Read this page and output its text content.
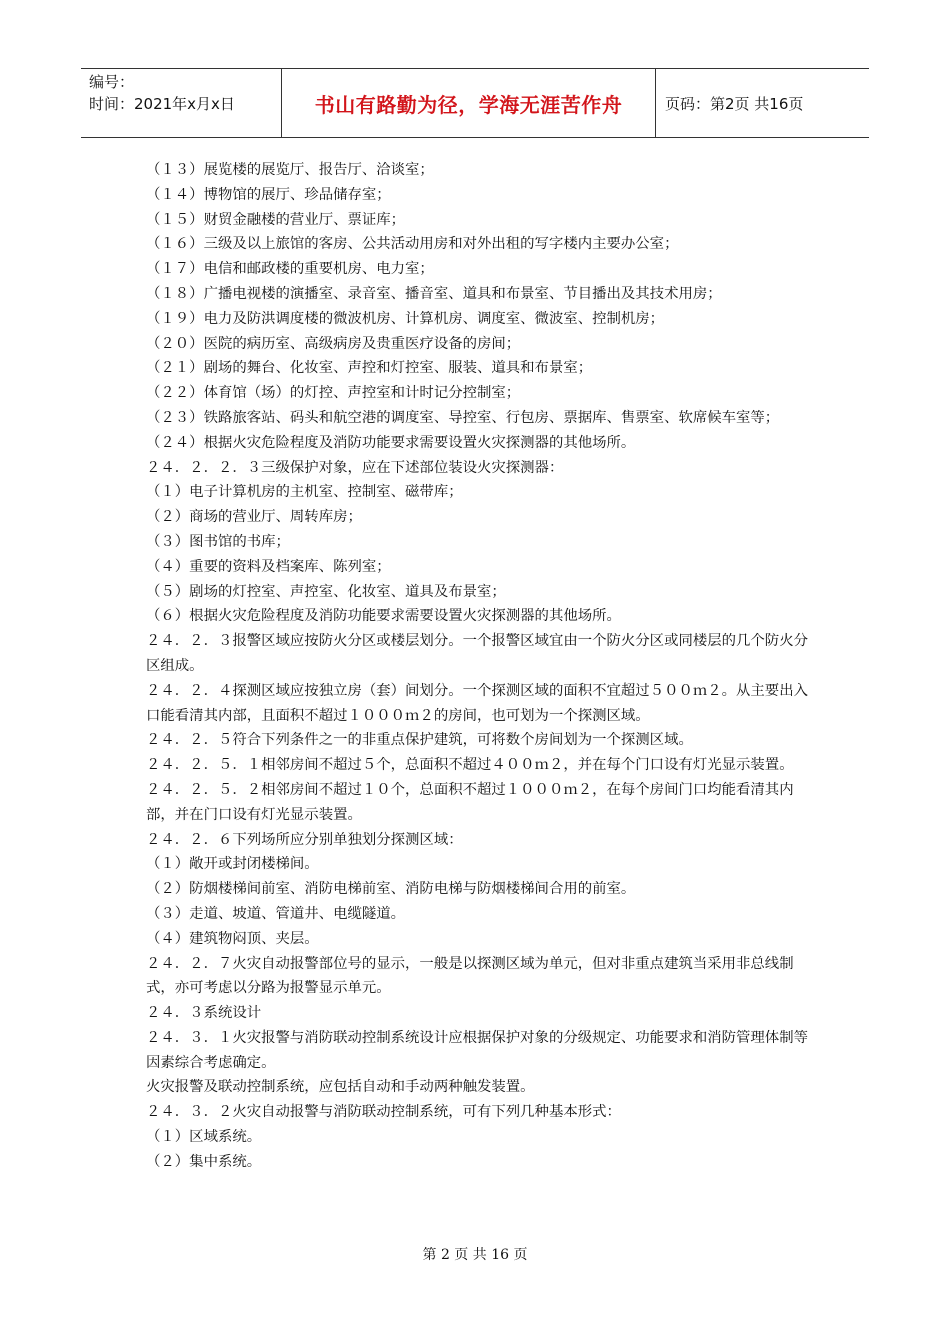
编号：
时间：2021年x月x日	书山有路勤为径，学海无涯苦作舟	页码：第2页 共16页

（１３）展览楼的展览厅、报告厅、洽谈室；

（１４）博物馆的展厅、珍品储存室；

（１５）财贸金融楼的营业厅、票证库；

（１６）三级及以上旅馆的客房、公共活动用房和对外出租的写字楼内主要办公室；

（１７）电信和邮政楼的重要机房、电力室；

（１８）广播电视楼的演播室、录音室、播音室、道具和布景室、节目播出及其技术用房；

（１９）电力及防洪调度楼的微波机房、计算机房、调度室、微波室、控制机房；

（２０）医院的病历室、高级病房及贵重医疗设备的房间；

（２１）剧场的舞台、化妆室、声控和灯控室、服装、道具和布景室；

（２２）体育馆（场）的灯控、声控室和计时记分控制室；

（２３）铁路旅客站、码头和航空港的调度室、导控室、行包房、票据库、售票室、软席候车室等；

（２４）根据火灾危险程度及消防功能要求需要设置火灾探测器的其他场所。

２４．２．２．３三级保护对象，应在下述部位装设火灾探测器：

（１）电子计算机房的主机室、控制室、磁带库；

（２）商场的营业厅、周转库房；

（３）图书馆的书库；

（４）重要的资料及档案库、陈列室；

（５）剧场的灯控室、声控室、化妆室、道具及布景室；

（６）根据火灾危险程度及消防功能要求需要设置火灾探测器的其他场所。

２４．２．３报警区域应按防火分区或楼层划分。一个报警区域宜由一个防火分区或同楼层的几个防火分区组成。

２４．２．４探测区域应按独立房（套）间划分。一个探测区域的面积不宜超过５００ｍ２。从主要出入口能看清其内部，且面积不超过１０００ｍ２的房间，也可划为一个探测区域。

２４．２．５符合下列条件之一的非重点保护建筑，可将数个房间划为一个探测区域。

２４．２．５．１相邻房间不超过５个，总面积不超过４００ｍ２，并在每个门口设有灯光显示装置。

２４．２．５．２相邻房间不超过１０个，总面积不超过１０００ｍ２，在每个房间门口均能看清其内部，并在门口设有灯光显示装置。

２４．２．６下列场所应分别单独划分探测区域：

（１）敞开或封闭楼梯间。

（２）防烟楼梯间前室、消防电梯前室、消防电梯与防烟楼梯间合用的前室。

（３）走道、坡道、管道井、电缆隧道。

（４）建筑物闷顶、夹层。

２４．２．７火灾自动报警部位号的显示，一般是以探测区域为单元，但对非重点建筑当采用非总线制式，亦可考虑以分路为报警显示单元。

２４．３系统设计

２４．３．１火灾报警与消防联动控制系统设计应根据保护对象的分级规定、功能要求和消防管理体制等因素综合考虑确定。

火灾报警及联动控制系统，应包括自动和手动两种触发装置。

２４．３．２火灾自动报警与消防联动控制系统，可有下列几种基本形式：

（１）区域系统。

（２）集中系统。

第 2 页 共 16 页
